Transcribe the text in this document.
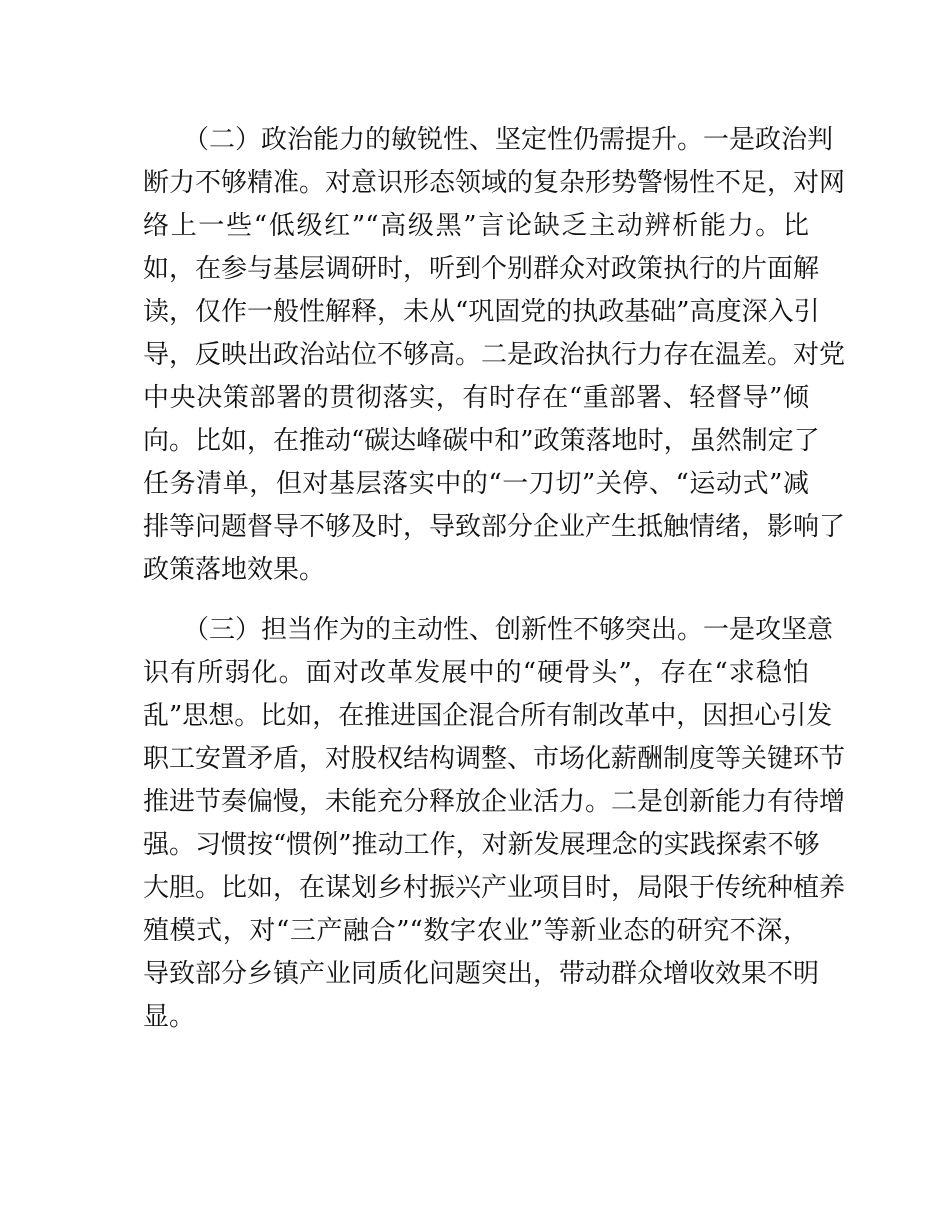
（二）政治能力的敏锐性、坚定性仍需提升。一是政治判
断力不够精准。对意识形态领域的复杂形势警惕性不足，对网
络上一些“低级红”“高级黑”言论缺乏主动辨析能力。比
如，在参与基层调研时，听到个别群众对政策执行的片面解
读，仅作一般性解释，未从“巩固党的执政基础”高度深入引
导，反映出政治站位不够高。二是政治执行力存在温差。对党
中央决策部署的贯彻落实，有时存在“重部署、轻督导”倾
向。比如，在推动“碳达峰碳中和”政策落地时，虽然制定了
任务清单，但对基层落实中的“一刀切”关停、“运动式”减
排等问题督导不够及时，导致部分企业产生抵触情绪，影响了
政策落地效果。
（三）担当作为的主动性、创新性不够突出。一是攻坚意
识有所弱化。面对改革发展中的“硬骨头”，存在“求稳怕
乱”思想。比如，在推进国企混合所有制改革中，因担心引发
职工安置矛盾，对股权结构调整、市场化薪酬制度等关键环节
推进节奏偏慢，未能充分释放企业活力。二是创新能力有待增
强。习惯按“惯例”推动工作，对新发展理念的实践探索不够
大胆。比如，在谋划乡村振兴产业项目时，局限于传统种植养
殖模式，对“三产融合”“数字农业”等新业态的研究不深，
导致部分乡镇产业同质化问题突出，带动群众增收效果不明
显。
